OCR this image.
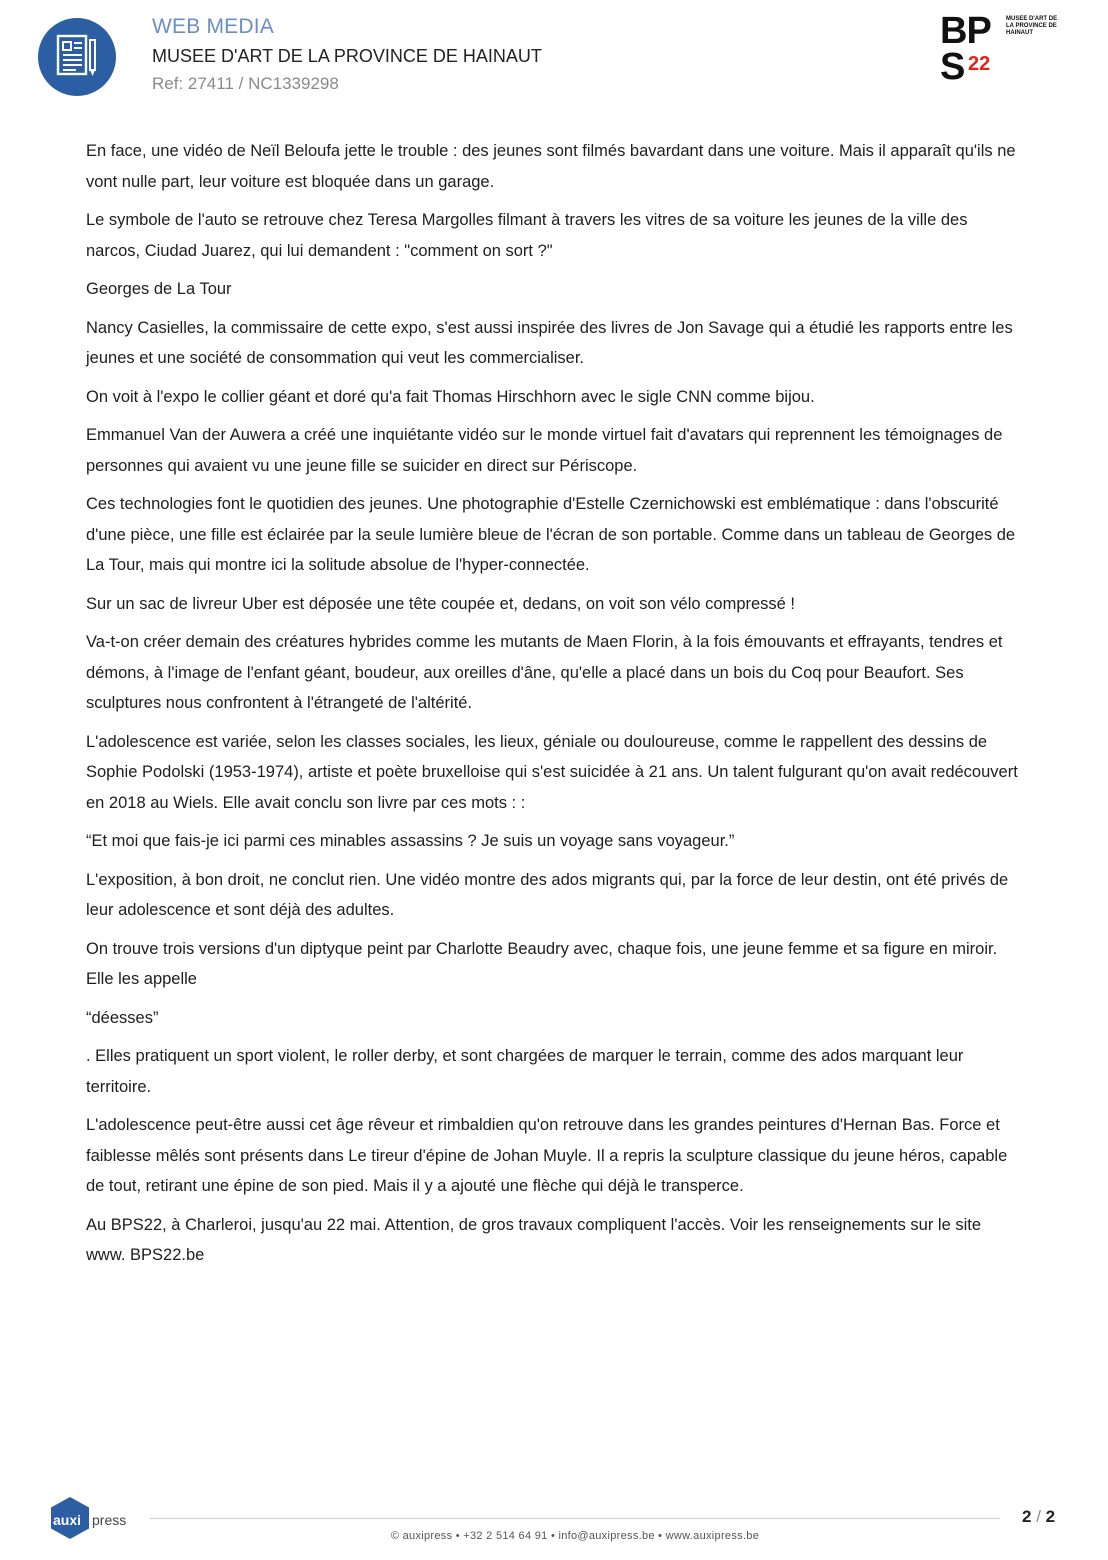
WEB MEDIA
MUSEE D'ART DE LA PROVINCE DE HAINAUT
Ref: 27411 / NC1339298
BP
S 22
MUSEE D'ART DE LA PROVINCE DE HAINAUT

En face, une vidéo de Neïl Beloufa jette le trouble : des jeunes sont filmés bavardant dans une voiture. Mais il apparaît qu'ils ne vont nulle part, leur voiture est bloquée dans un garage.

Le symbole de l'auto se retrouve chez Teresa Margolles filmant à travers les vitres de sa voiture les jeunes de la ville des narcos, Ciudad Juarez, qui lui demandent : "comment on sort ?"

Georges de La Tour

Nancy Casielles, la commissaire de cette expo, s'est aussi inspirée des livres de Jon Savage qui a étudié les rapports entre les jeunes et une société de consommation qui veut les commercialiser.

On voit à l'expo le collier géant et doré qu'a fait Thomas Hirschhorn avec le sigle CNN comme bijou.

Emmanuel Van der Auwera a créé une inquiétante vidéo sur le monde virtuel fait d'avatars qui reprennent les témoignages de personnes qui avaient vu une jeune fille se suicider en direct sur Périscope.

Ces technologies font le quotidien des jeunes. Une photographie d'Estelle Czernichowski est emblématique : dans l'obscurité d'une pièce, une fille est éclairée par la seule lumière bleue de l'écran de son portable. Comme dans un tableau de Georges de La Tour, mais qui montre ici la solitude absolue de l'hyper-connectée.

Sur un sac de livreur Uber est déposée une tête coupée et, dedans, on voit son vélo compressé !

Va-t-on créer demain des créatures hybrides comme les mutants de Maen Florin, à la fois émouvants et effrayants, tendres et démons, à l'image de l'enfant géant, boudeur, aux oreilles d'âne, qu'elle a placé dans un bois du Coq pour Beaufort. Ses sculptures nous confrontent à l'étrangeté de l'altérité.

L'adolescence est variée, selon les classes sociales, les lieux, géniale ou douloureuse, comme le rappellent des dessins de Sophie Podolski (1953-1974), artiste et poète bruxelloise qui s'est suicidée à 21 ans. Un talent fulgurant qu'on avait redécouvert en 2018 au Wiels. Elle avait conclu son livre par ces mots : :

“Et moi que fais-je ici parmi ces minables assassins ? Je suis un voyage sans voyageur.”

L'exposition, à bon droit, ne conclut rien. Une vidéo montre des ados migrants qui, par la force de leur destin, ont été privés de leur adolescence et sont déjà des adultes.

On trouve trois versions d'un diptyque peint par Charlotte Beaudry avec, chaque fois, une jeune femme et sa figure en miroir. Elle les appelle

“déesses”

. Elles pratiquent un sport violent, le roller derby, et sont chargées de marquer le terrain, comme des ados marquant leur territoire.

L'adolescence peut-être aussi cet âge rêveur et rimbaldien qu'on retrouve dans les grandes peintures d'Hernan Bas. Force et faiblesse mêlés sont présents dans Le tireur d'épine de Johan Muyle. Il a repris la sculpture classique du jeune héros, capable de tout, retirant une épine de son pied. Mais il y a ajouté une flèche qui déjà le transperce.

Au BPS22, à Charleroi, jusqu'au 22 mai. Attention, de gros travaux compliquent l'accès. Voir les renseignements sur le site www. BPS22.be

auxi press	2 / 2
© auxipress • +32 2 514 64 91 • info@auxipress.be • www.auxipress.be
